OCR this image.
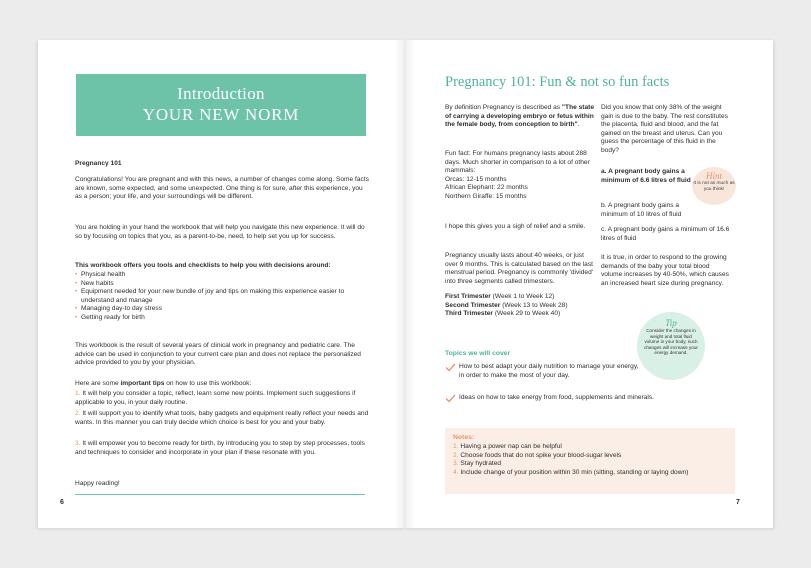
Introduction
YOUR NEW NORM
Pregnancy 101
Congratulations! You are pregnant and with this news, a number of changes come along. Some facts are known, some expected, and some unexpected. One thing is for sure, after this experience, you as a person; your life, and your surroundings will be different.
You are holding in your hand the workbook that will help you navigate this new experience. It will do so by focusing on topics that you, as a parent-to-be, need, to help set you up for success.
This workbook offers you tools and checklists to help you with decisions around:
• Physical health
• New habits
• Equipment needed for your new bundle of joy and tips on making this experience easier to understand and manage
• Managing day-to day stress
• Getting ready for birth
This workbook is the result of several years of clinical work in pregnancy and pediatric care. The advice can be used in conjunction to your current care plan and does not replace the personalized advice provided to you by your physician.
Here are some important tips on how to use this workbook:
1. It will help you consider a topic, reflect, learn some new points. Implement such suggestions if applicable to you, in your daily routine.
2. It will support you to identify what tools, baby gadgets and equipment really reflect your needs and wants. In this manner you can truly decide which choice is best for you and your baby.
3. It will empower you to become ready for birth, by introducing you to step by step processes, tools and techniques to consider and incorporate in your plan if these resonate with you.
Happy reading!
6
Pregnancy 101: Fun & not so fun facts
By definition Pregnancy is described as "The state of carrying a developing embryo or fetus within the female body, from conception to birth".
Fun fact: For humans pregnancy lasts about 288 days. Much shorter in comparison to a lot of other mammals:
Orcas: 12-15 months
African Elephant: 22 months
Northern Giraffe: 15 months
I hope this gives you a sigh of relief and a smile.
Pregnancy usually lasts about 40 weeks, or just over 9 months. This is calculated based on the last menstrual period. Pregnancy is commonly 'divided' into three segments called trimesters.
First Trimester (Week 1 to Week 12)
Second Trimester (Week 13 to Week 28)
Third Trimester (Week 29 to Week 40)
Did you know that only 38% of the weight gain is due to the baby. The rest constitutes the placenta, fluid and blood, and the fat gained on the breast and uterus. Can you guess the percentage of this fluid in the body?
a. A pregnant body gains a minimum of 6.6 litres of fluid
b. A pregnant body gains a minimum of 10 litres of fluid
c. A pregnant body gains a minimum of 16.6 litres of fluid
Hint
It is not as much as you think!
It is true, in order to respond to the growing demands of the baby your total blood volume increases by 40-50%, which causes an increased heart size during pregnancy.
Tip
Consider the changes in weight and total fluid volume in your body, such changes will increase your energy demand.
Topics we will cover
How to best adapt your daily nutrition to manage your energy, in order to make the most of your day.
Ideas on how to take energy from food, supplements and minerals.
Notes:
1. Having a power nap can be helpful
2. Choose foods that do not spike your blood-sugar levels
3. Stay hydrated
4. Include change of your position within 30 min (sitting, standing or laying down)
7
